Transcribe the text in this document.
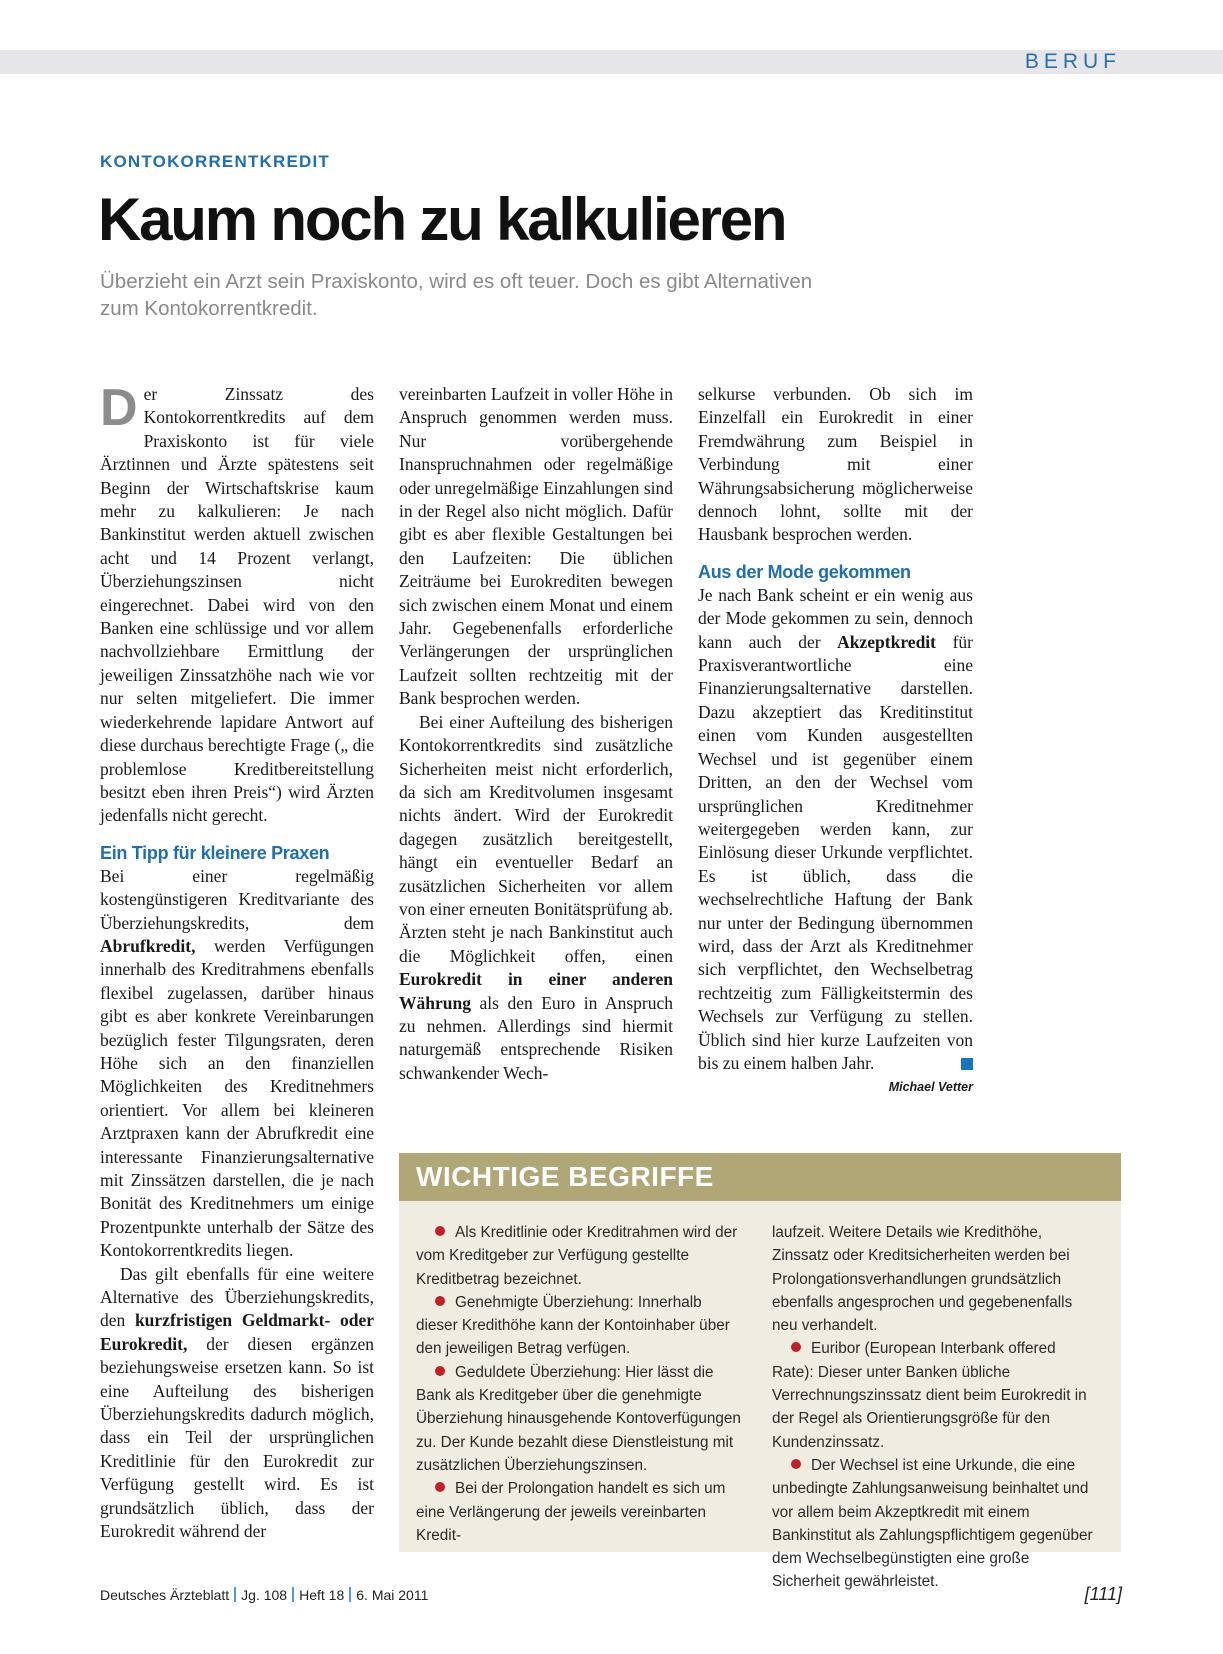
BERUF
KONTOKORRENTKREDIT
Kaum noch zu kalkulieren
Überzieht ein Arzt sein Praxiskonto, wird es oft teuer. Doch es gibt Alternativen zum Kontokorrentkredit.

Der Zinssatz des Kontokorrentkredits auf dem Praxiskonto ist für viele Ärztinnen und Ärzte spätestens seit Beginn der Wirtschaftskrise kaum mehr zu kalkulieren: Je nach Bankinstitut werden aktuell zwischen acht und 14 Prozent verlangt, Überziehungszinsen nicht eingerechnet. Dabei wird von den Banken eine schlüssige und vor allem nachvollziehbare Ermittlung der jeweiligen Zinssatzhöhe nach wie vor nur selten mitgeliefert. Die immer wiederkehrende lapidare Antwort auf diese durchaus berechtigte Frage („ die problemlose Kreditbereitstellung besitzt eben ihren Preis“) wird Ärzten jedenfalls nicht gerecht.

Ein Tipp für kleinere Praxen

Bei einer regelmäßig kostengünstigeren Kreditvariante des Überziehungskredits, dem Abrufkredit, werden Verfügungen innerhalb des Kreditrahmens ebenfalls flexibel zugelassen, darüber hinaus gibt es aber konkrete Vereinbarungen bezüglich fester Tilgungsraten, deren Höhe sich an den finanziellen Möglichkeiten des Kreditnehmers orientiert. Vor allem bei kleineren Arztpraxen kann der Abrufkredit eine interessante Finanzierungsalternative mit Zinssätzen darstellen, die je nach Bonität des Kreditnehmers um einige Prozentpunkte unterhalb der Sätze des Kontokorrentkredits liegen.

Das gilt ebenfalls für eine weitere Alternative des Überziehungskredits, den kurzfristigen Geldmarkt- oder Eurokredit, der diesen ergänzen beziehungsweise ersetzen kann. So ist eine Aufteilung des bisherigen Überziehungskredits dadurch möglich, dass ein Teil der ursprünglichen Kreditlinie für den Eurokredit zur Verfügung gestellt wird. Es ist grundsätzlich üblich, dass der Eurokredit während der

vereinbarten Laufzeit in voller Höhe in Anspruch genommen werden muss. Nur vorübergehende Inanspruchnahmen oder regelmäßige oder unregelmäßige Einzahlungen sind in der Regel also nicht möglich. Dafür gibt es aber flexible Gestaltungen bei den Laufzeiten: Die üblichen Zeiträume bei Eurokrediten bewegen sich zwischen einem Monat und einem Jahr. Gegebenenfalls erforderliche Verlängerungen der ursprünglichen Laufzeit sollten rechtzeitig mit der Bank besprochen werden.

Bei einer Aufteilung des bisherigen Kontokorrentkredits sind zusätzliche Sicherheiten meist nicht erforderlich, da sich am Kreditvolumen insgesamt nichts ändert. Wird der Eurokredit dagegen zusätzlich bereitgestellt, hängt ein eventueller Bedarf an zusätzlichen Sicherheiten vor allem von einer erneuten Bonitätsprüfung ab. Ärzten steht je nach Bankinstitut auch die Möglichkeit offen, einen Eurokredit in einer anderen Währung als den Euro in Anspruch zu nehmen. Allerdings sind hiermit naturgemäß entsprechende Risiken schwankender Wech-

selkurse verbunden. Ob sich im Einzelfall ein Eurokredit in einer Fremdwährung zum Beispiel in Verbindung mit einer Währungsabsicherung möglicherweise dennoch lohnt, sollte mit der Hausbank besprochen werden.

Aus der Mode gekommen

Je nach Bank scheint er ein wenig aus der Mode gekommen zu sein, dennoch kann auch der Akzeptkredit für Praxisverantwortliche eine Finanzierungsalternative darstellen. Dazu akzeptiert das Kreditinstitut einen vom Kunden ausgestellten Wechsel und ist gegenüber einem Dritten, an den der Wechsel vom ursprünglichen Kreditnehmer weitergegeben werden kann, zur Einlösung dieser Urkunde verpflichtet. Es ist üblich, dass die wechselrechtliche Haftung der Bank nur unter der Bedingung übernommen wird, dass der Arzt als Kreditnehmer sich verpflichtet, den Wechselbetrag rechtzeitig zum Fälligkeitstermin des Wechsels zur Verfügung zu stellen. Üblich sind hier kurze Laufzeiten von bis zu einem halben Jahr.

Michael Vetter
WICHTIGE BEGRIFFE

Als Kreditlinie oder Kreditrahmen wird der vom Kreditgeber zur Verfügung gestellte Kreditbetrag bezeichnet.

Genehmigte Überziehung: Innerhalb dieser Kredithöhe kann der Kontoinhaber über den jeweiligen Betrag verfügen.

Geduldete Überziehung: Hier lässt die Bank als Kreditgeber über die genehmigte Überziehung hinausgehende Kontoverfügungen zu. Der Kunde bezahlt diese Dienstleistung mit zusätzlichen Überziehungszinsen.

Bei der Prolongation handelt es sich um eine Verlängerung der jeweils vereinbarten Kredit-

laufzeit. Weitere Details wie Kredithöhe, Zinssatz oder Kreditsicherheiten werden bei Prolongationsverhandlungen grundsätzlich ebenfalls angesprochen und gegebenenfalls neu verhandelt.

Euribor (European Interbank offered Rate): Dieser unter Banken übliche Verrechnungszinssatz dient beim Eurokredit in der Regel als Orientierungsgröße für den Kundenzinssatz.

Der Wechsel ist eine Urkunde, die eine unbedingte Zahlungsanweisung beinhaltet und vor allem beim Akzeptkredit mit einem Bankinstitut als Zahlungspflichtigem gegenüber dem Wechselbegünstigten eine große Sicherheit gewährleistet.

Deutsches Ärzteblatt Jg. 108 Heft 18 6. Mai 2011	[111]
